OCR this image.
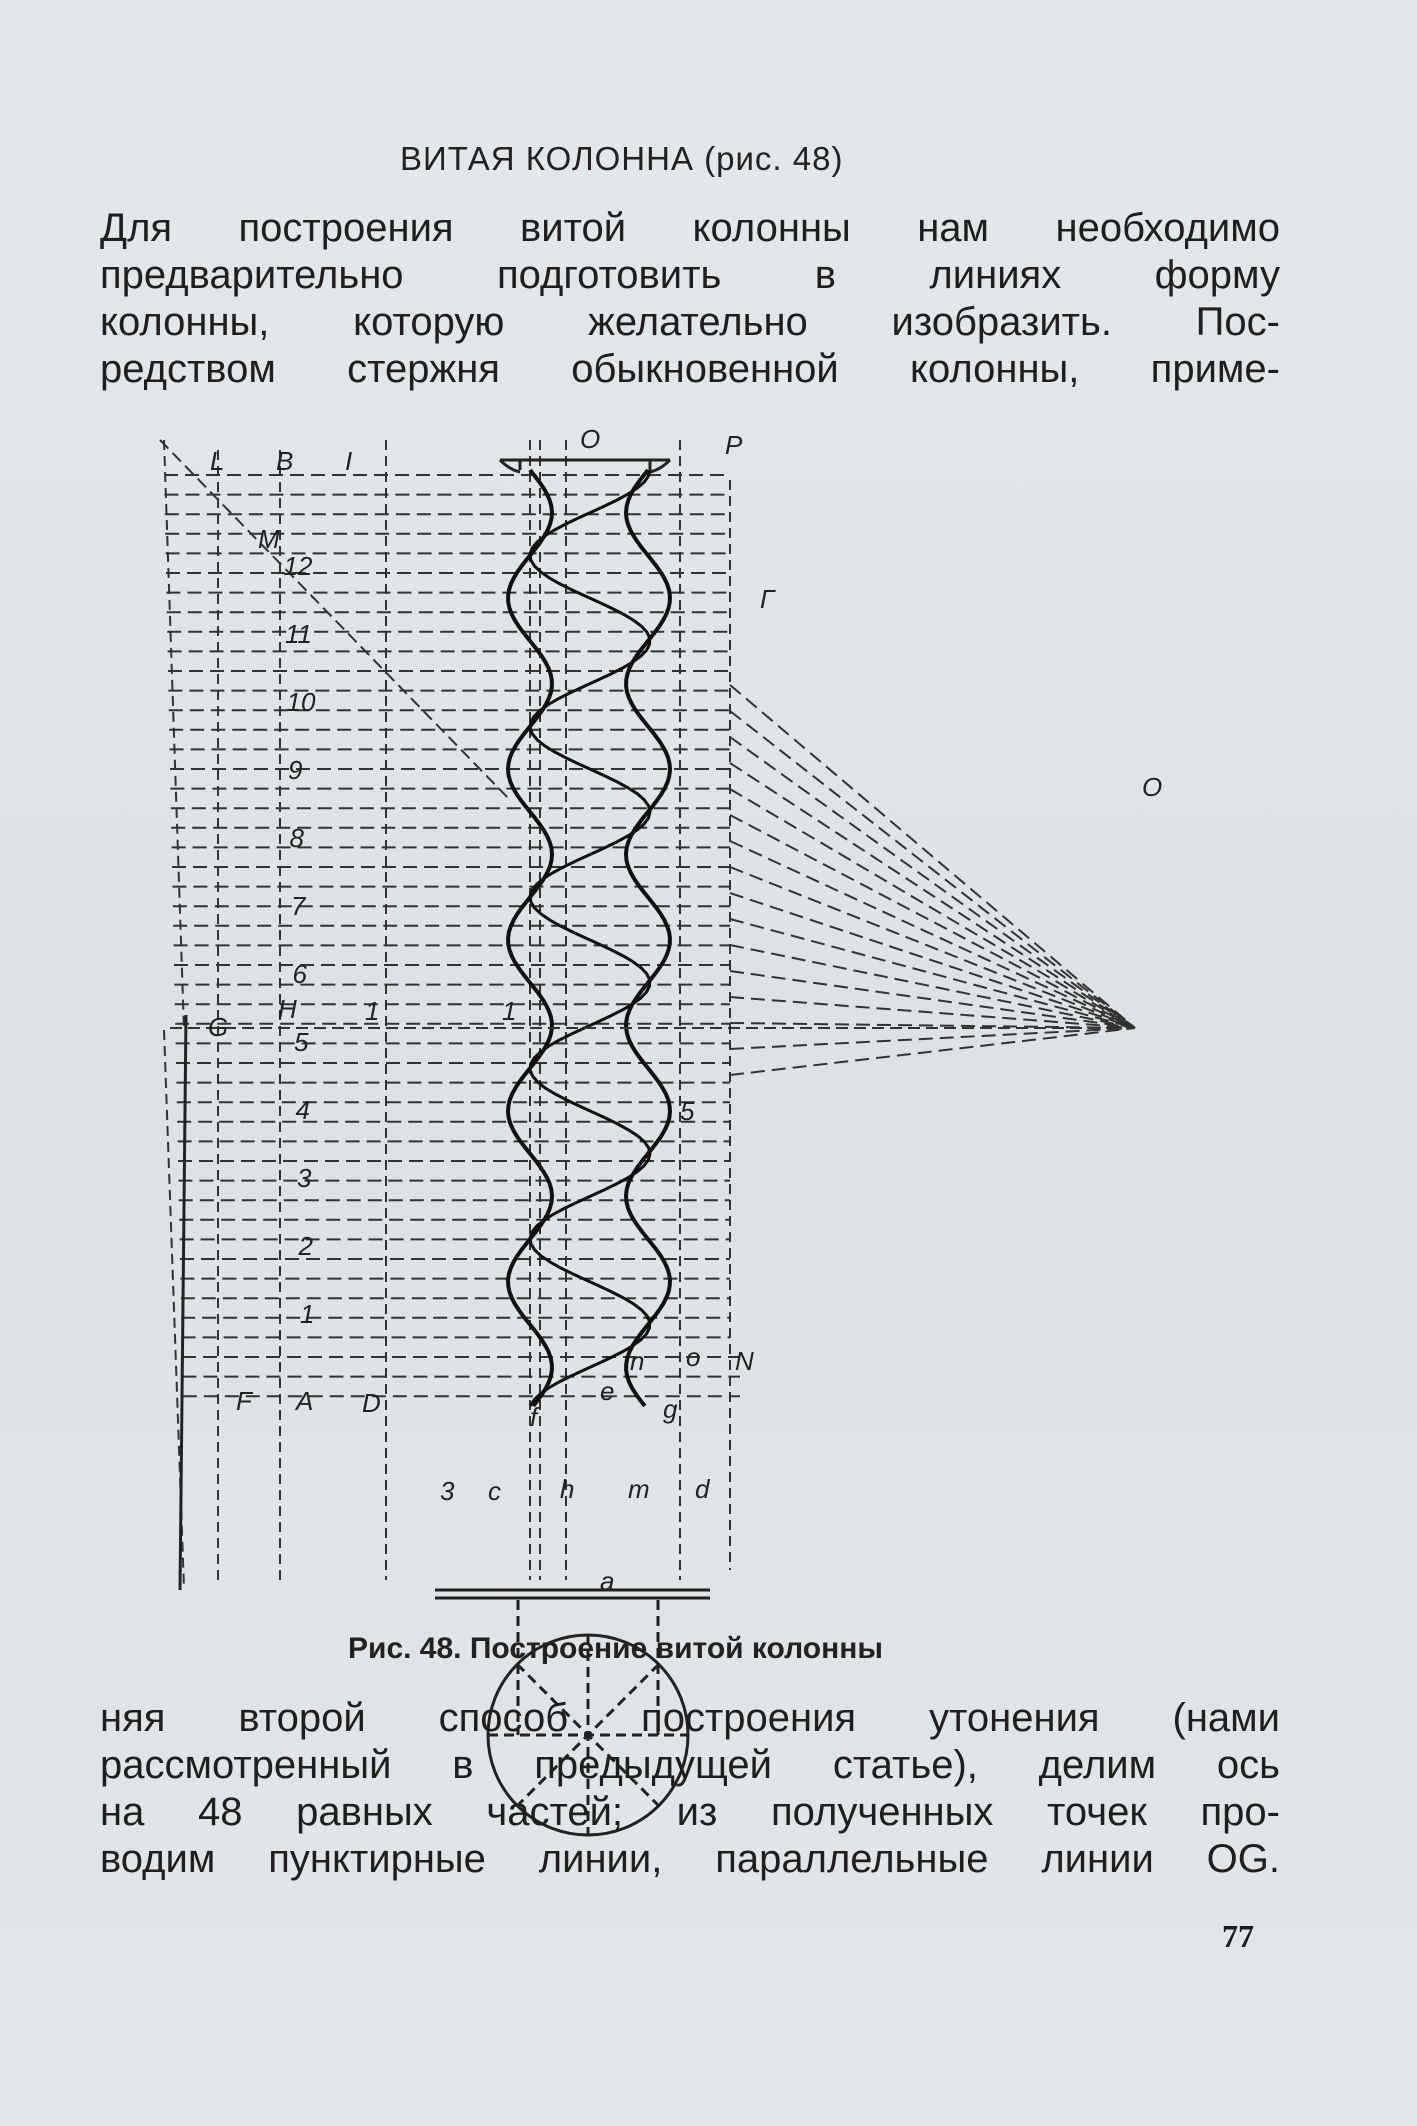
ВИТАЯ КОЛОННА (рис. 48)
Для построения витой колонны нам необходимо
предварительно подготовить в линиях форму
колонны, которую желательно изобразить. Пос-
редством стержня обыкновенной колонны, приме-
L B I
O	P
Г
M
H
G
F A D
N
O
3 c	d
h m
f
e
g
a
n o
1
5
1
1
2
3
4
5
6
7
8
9
10
11
12
Рис. 48. Построение витой колонны
няя второй способ построения утонения (нами
рассмотренный в предыдущей статье), делим ось
на 48 равных частей; из полученных точек про-
водим пунктирные линии, параллельные линии OG.
77
